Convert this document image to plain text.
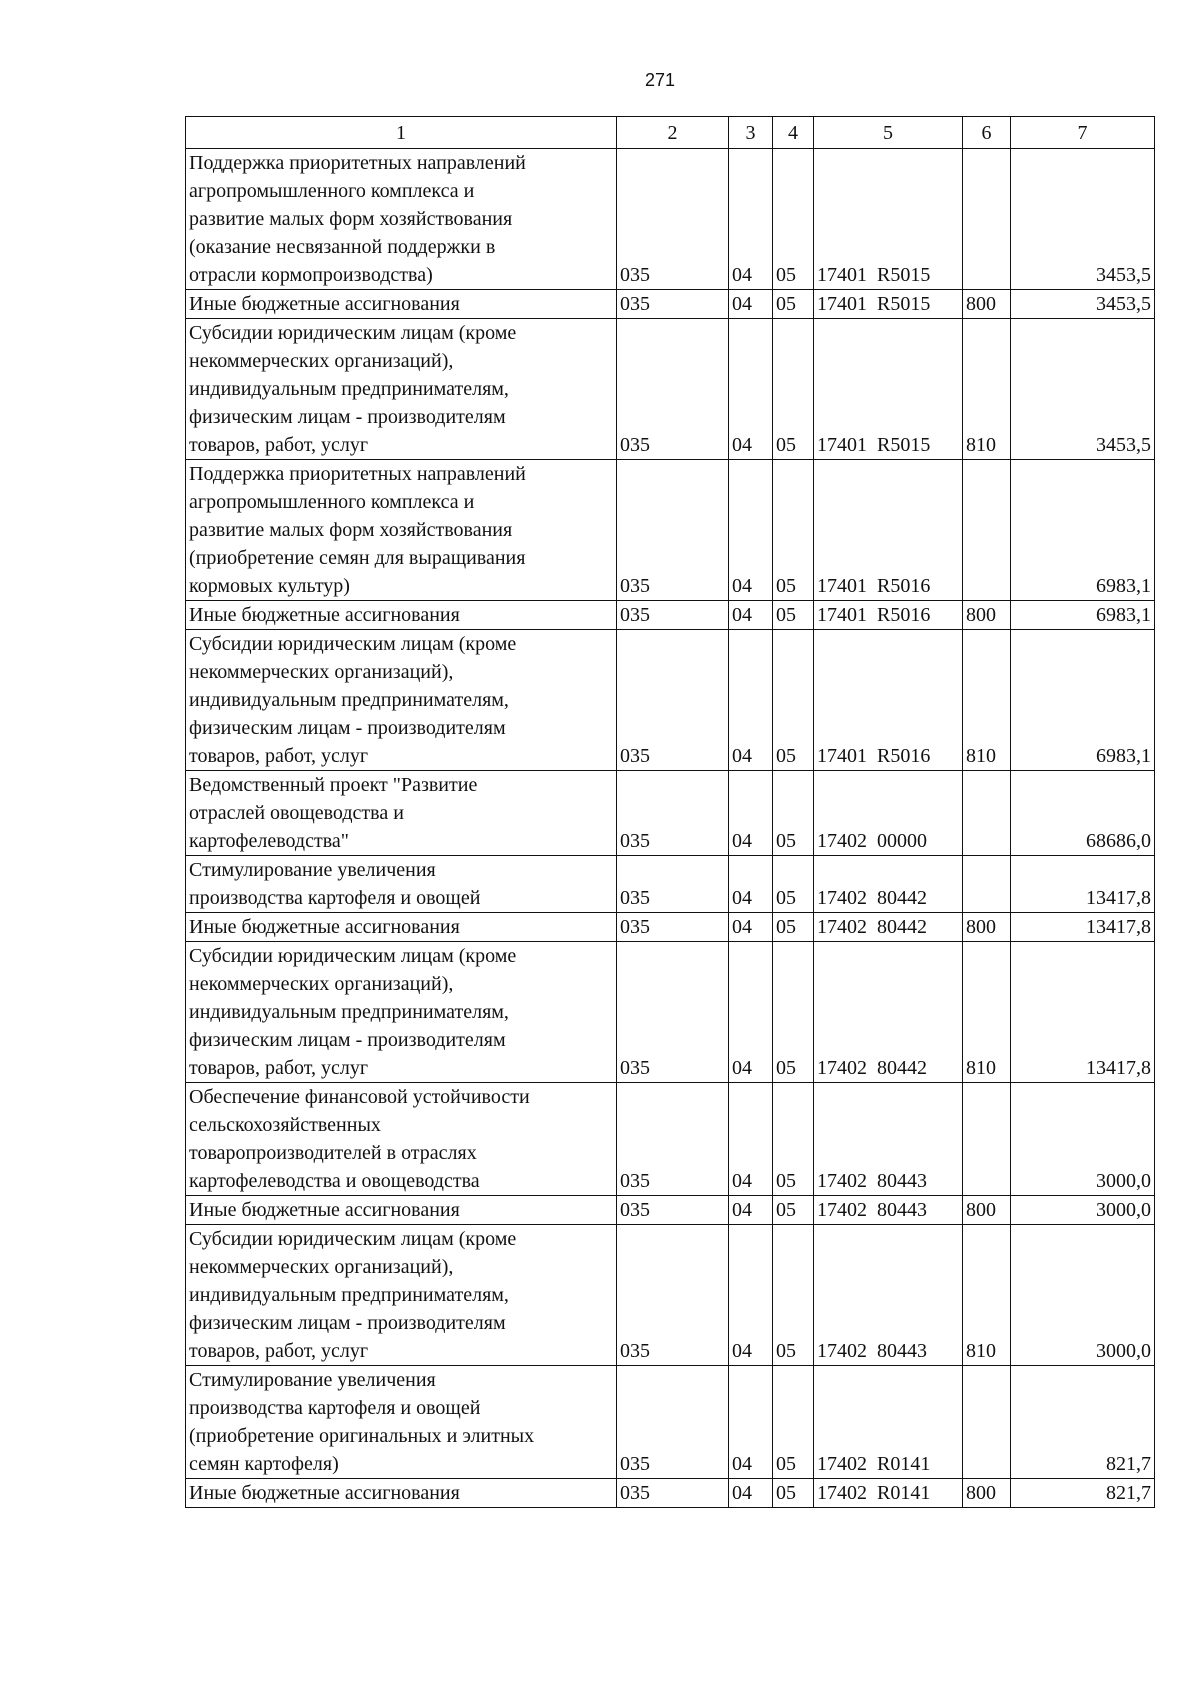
271
1	2	3	4	5	6	7

Поддержка приоритетных направлений
агропромышленного комплекса и
развитие малых форм хозяйствования
(оказание несвязанной поддержки в
отрасли кормопроизводства)	035	04	05	17401  R5015		3453,5

Иные бюджетные ассигнования	035	04	05	17401  R5015	800	3453,5

Субсидии юридическим лицам (кроме
некоммерческих организаций),
индивидуальным предпринимателям,
физическим лицам - производителям
товаров, работ, услуг	035	04	05	17401  R5015	810	3453,5

Поддержка приоритетных направлений
агропромышленного комплекса и
развитие малых форм хозяйствования
(приобретение семян для выращивания
кормовых культур)	035	04	05	17401  R5016		6983,1

Иные бюджетные ассигнования	035	04	05	17401  R5016	800	6983,1

Субсидии юридическим лицам (кроме
некоммерческих организаций),
индивидуальным предпринимателям,
физическим лицам - производителям
товаров, работ, услуг	035	04	05	17401  R5016	810	6983,1

Ведомственный проект "Развитие
отраслей овощеводства и
картофелеводства"	035	04	05	17402  00000		68686,0

Стимулирование увеличения
производства картофеля и овощей	035	04	05	17402  80442		13417,8

Иные бюджетные ассигнования	035	04	05	17402  80442	800	13417,8

Субсидии юридическим лицам (кроме
некоммерческих организаций),
индивидуальным предпринимателям,
физическим лицам - производителям
товаров, работ, услуг	035	04	05	17402  80442	810	13417,8

Обеспечение финансовой устойчивости
сельскохозяйственных
товаропроизводителей в отраслях
картофелеводства и овощеводства	035	04	05	17402  80443		3000,0

Иные бюджетные ассигнования	035	04	05	17402  80443	800	3000,0

Субсидии юридическим лицам (кроме
некоммерческих организаций),
индивидуальным предпринимателям,
физическим лицам - производителям
товаров, работ, услуг	035	04	05	17402  80443	810	3000,0

Стимулирование увеличения
производства картофеля и овощей
(приобретение оригинальных и элитных
семян картофеля)	035	04	05	17402  R0141		821,7

Иные бюджетные ассигнования	035	04	05	17402  R0141	800	821,7
